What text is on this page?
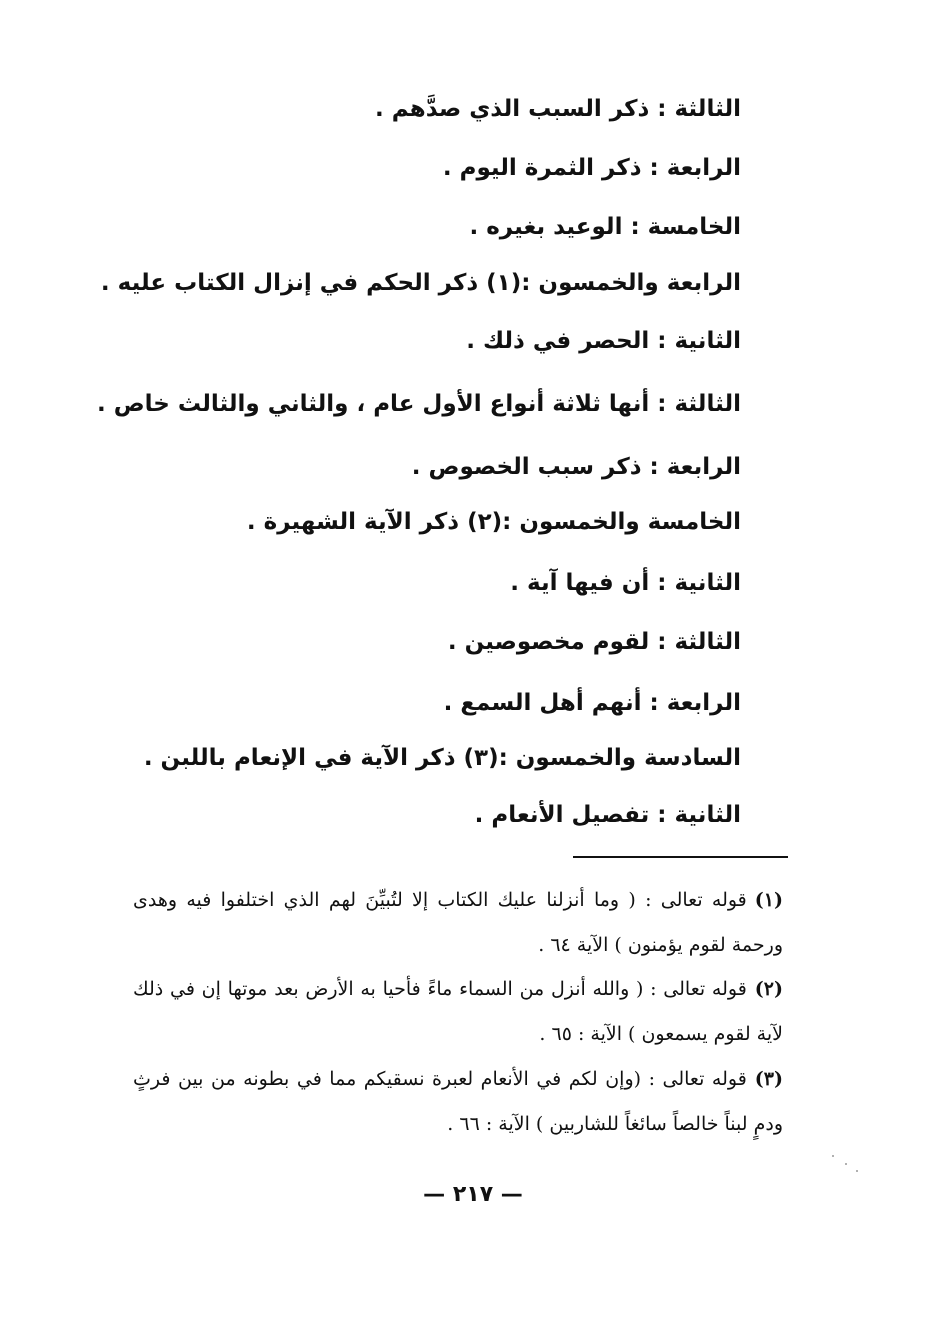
الثالثة : ذكر السبب الذي صدَّهم .
الرابعة : ذكر الثمرة اليوم .
الخامسة : الوعيد بغيره .
الرابعة والخمسون :(١) ذكر الحكم في إنزال الكتاب عليه .
الثانية : الحصر في ذلك .
الثالثة : أنها ثلاثة أنواع الأول عام ، والثاني والثالث خاص .
الرابعة : ذكر سبب الخصوص .
الخامسة والخمسون :(٢) ذكر الآية الشهيرة .
الثانية : أن فيها آية .
الثالثة : لقوم مخصوصين .
الرابعة : أنهم أهل السمع .
السادسة والخمسون :(٣) ذكر الآية في الإنعام باللبن .
الثانية : تفصيل الأنعام .
(١)قوله تعالى : ( وما أنزلنا عليك الكتاب إلا لتُبيِّنَ لهم الذي اختلفوا فيه وهدى ورحمة لقوم يؤمنون ) الآية ٦٤ .
(٢)قوله تعالى : ( والله أنزل من السماء ماءً فأحيا به الأرض بعد موتها إن في ذلك لآية لقوم يسمعون ) الآية : ٦٥ .
(٣)قوله تعالى : (وإن لكم في الأنعام لعبرة نسقيكم مما في بطونه من بين فرثٍ ودمٍ لبناً خالصاً سائغاً للشاربين ) الآية : ٦٦ .
— ٢١٧ —
